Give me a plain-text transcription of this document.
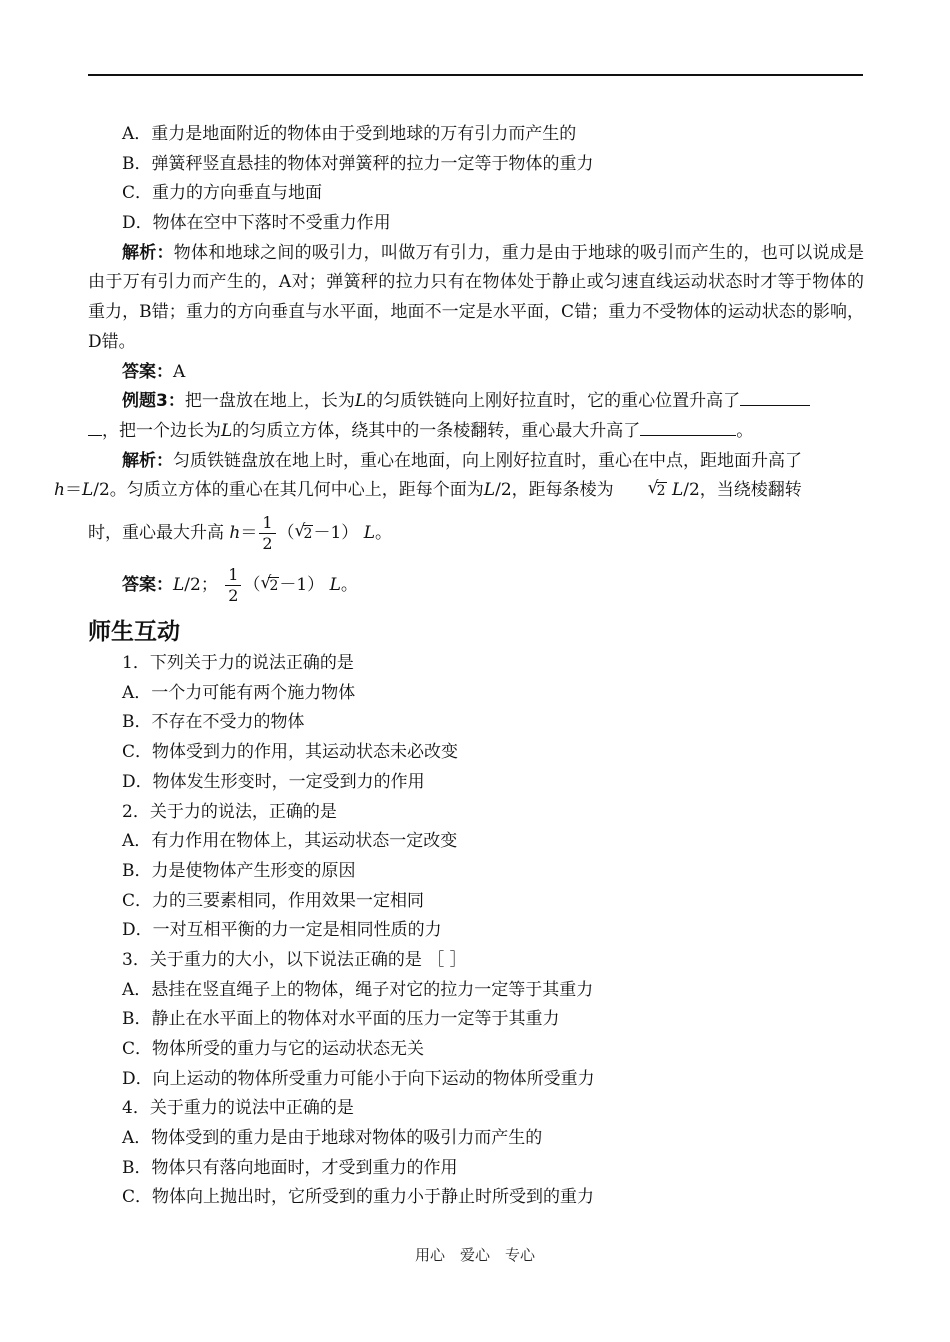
A．重力是地面附近的物体由于受到地球的万有引力而产生的
B．弹簧秤竖直悬挂的物体对弹簧秤的拉力一定等于物体的重力
C．重力的方向垂直与地面
D．物体在空中下落时不受重力作用
解析：物体和地球之间的吸引力，叫做万有引力，重力是由于地球的吸引而产生的，也可以说成是由于万有引力而产生的，A对；弹簧秤的拉力只有在物体处于静止或匀速直线运动状态时才等于物体的重力，B错；重力的方向垂直与水平面，地面不一定是水平面，C错；重力不受物体的运动状态的影响，D错。
答案：A
例题3：把一盘放在地上，长为L的匀质铁链向上刚好拉直时，它的重心位置升高了
，把一个边长为L的匀质立方体，绕其中的一条棱翻转，重心最大升高了	。
解析：匀质铁链盘放在地上时，重心在地面，向上刚好拉直时，重心在中点，距地面升高了
h＝L/2。匀质立方体的重心在其几何中心上，距每个面为L/2，距每条棱为	√
2 L/2，当绕棱翻转
时，重心最大升高 $h= \frac{1}{2}$ （ √
2－1） L。
答案：L/2； $\frac{1}{2}$ （ √
2－1） L。
师生互动
1．下列关于力的说法正确的是
A．一个力可能有两个施力物体
B．不存在不受力的物体
C．物体受到力的作用，其运动状态未必改变
D．物体发生形变时，一定受到力的作用
2．关于力的说法，正确的是
A．有力作用在物体上，其运动状态一定改变
B．力是使物体产生形变的原因
C．力的三要素相同，作用效果一定相同
D．一对互相平衡的力一定是相同性质的力
3．关于重力的大小，以下说法正确的是 ［ ］
A．悬挂在竖直绳子上的物体，绳子对它的拉力一定等于其重力
B．静止在水平面上的物体对水平面的压力一定等于其重力
C．物体所受的重力与它的运动状态无关
D．向上运动的物体所受重力可能小于向下运动的物体所受重力
4．关于重力的说法中正确的是
A．物体受到的重力是由于地球对物体的吸引力而产生的
B．物体只有落向地面时，才受到重力的作用
C．物体向上抛出时，它所受到的重力小于静止时所受到的重力
用心　爱心　专心
